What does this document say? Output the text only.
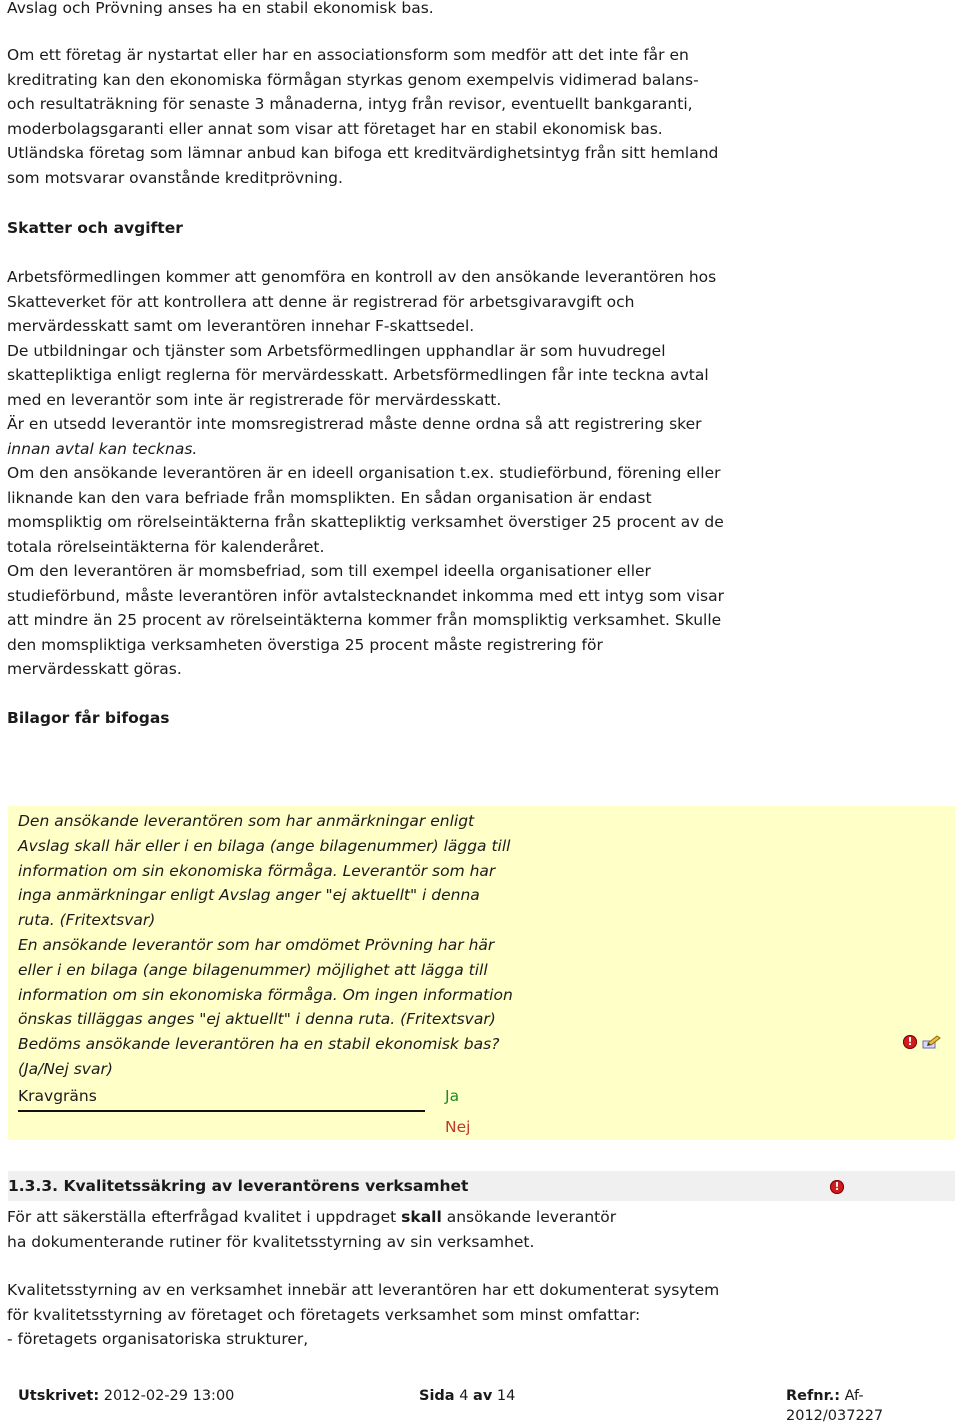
Avslag och Prövning anses ha en stabil ekonomisk bas.
Om ett företag är nystartat eller har en associationsform som medför att det inte får en
kreditrating kan den ekonomiska förmågan styrkas genom exempelvis vidimerad balans-
och resultaträkning för senaste 3 månaderna, intyg från revisor, eventuellt bankgaranti,
moderbolagsgaranti eller annat som visar att företaget har en stabil ekonomisk bas.
Utländska företag som lämnar anbud kan bifoga ett kreditvärdighetsintyg från sitt hemland
som motsvarar ovanstånde kreditprövning.
Skatter och avgifter
Arbetsförmedlingen kommer att genomföra en kontroll av den ansökande leverantören hos
Skatteverket för att kontrollera att denne är registrerad för arbetsgivaravgift och
mervärdesskatt samt om leverantören innehar F-skattsedel.
De utbildningar och tjänster som Arbetsförmedlingen upphandlar är som huvudregel
skattepliktiga enligt reglerna för mervärdesskatt. Arbetsförmedlingen får inte teckna avtal
med en leverantör som inte är registrerade för mervärdesskatt.
Är en utsedd leverantör inte momsregistrerad måste denne ordna så att registrering sker
innan avtal kan tecknas.
Om den ansökande leverantören är en ideell organisation t.ex. studieförbund, förening eller
liknande kan den vara befriade från momsplikten. En sådan organisation är endast
momspliktig om rörelseintäkterna från skattepliktig verksamhet överstiger 25 procent av de
totala rörelseintäkterna för kalenderåret.
Om den leverantören är momsbefriad, som till exempel ideella organisationer eller
studieförbund, måste leverantören inför avtalstecknandet inkomma med ett intyg som visar
att mindre än 25 procent av rörelseintäkterna kommer från momspliktig verksamhet. Skulle
den momspliktiga verksamheten överstiga 25 procent måste registrering för
mervärdesskatt göras.
Bilagor får bifogas
Den ansökande leverantören som har anmärkningar enligt
Avslag skall här eller i en bilaga (ange bilagenummer) lägga till
information om sin ekonomiska förmåga. Leverantör som har
inga anmärkningar enligt Avslag anger "ej aktuellt" i denna
ruta. (Fritextsvar)
En ansökande leverantör som har omdömet Prövning har här
eller i en bilaga (ange bilagenummer) möjlighet att lägga till
information om sin ekonomiska förmåga. Om ingen information
önskas tilläggas anges "ej aktuellt" i denna ruta. (Fritextsvar)
Bedöms ansökande leverantören ha en stabil ekonomisk bas?
(Ja/Nej svar)
Kravgräns	Ja
Nej
!
1.3.3. Kvalitetssäkring av leverantörens verksamhet	!
För att säkerställa efterfrågad kvalitet i uppdraget skall ansökande leverantör
ha dokumenterande rutiner för kvalitetsstyrning av sin verksamhet.
Kvalitetsstyrning av en verksamhet innebär att leverantören har ett dokumenterat sysytem
för kvalitetsstyrning av företaget och företagets verksamhet som minst omfattar:
- företagets organisatoriska strukturer,
Utskrivet: 2012-02-29 13:00	Sida 4 av 14	Refnr.: Af-2012/037227
